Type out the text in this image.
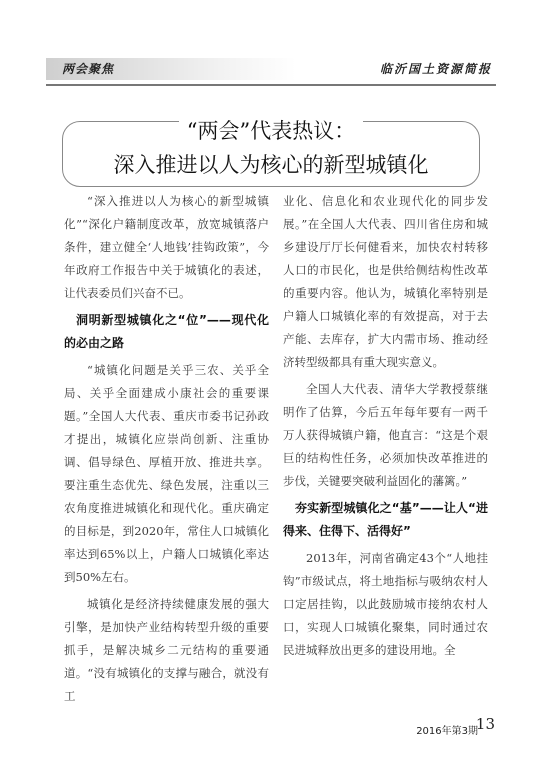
两会聚焦	临沂国土资源简报
“两会”代表热议：
深入推进以人为核心的新型城镇化

“深入推进以人为核心的新型城镇化”“深化户籍制度改革，放宽城镇落户条件，建立健全‘人地钱’挂钩政策”，今年政府工作报告中关于城镇化的表述，让代表委员们兴奋不已。

洞明新型城镇化之“位”——现代化的必由之路

“城镇化问题是关乎三农、关乎全局、关乎全面建成小康社会的重要课题。”全国人大代表、重庆市委书记孙政才提出，城镇化应崇尚创新、注重协调、倡导绿色、厚植开放、推进共享。要注重生态优先、绿色发展，注重以三农角度推进城镇化和现代化。重庆确定的目标是，到2020年，常住人口城镇化率达到65%以上，户籍人口城镇化率达到50%左右。

城镇化是经济持续健康发展的强大引擎，是加快产业结构转型升级的重要抓手，是解决城乡二元结构的重要通道。“没有城镇化的支撑与融合，就没有工

业化、信息化和农业现代化的同步发展。”在全国人大代表、四川省住房和城乡建设厅厅长何健看来，加快农村转移人口的市民化，也是供给侧结构性改革的重要内容。他认为，城镇化率特别是户籍人口城镇化率的有效提高，对于去产能、去库存，扩大内需市场、推动经济转型级都具有重大现实意义。

全国人大代表、清华大学教授蔡继明作了估算，今后五年每年要有一两千万人获得城镇户籍，他直言：“这是个艰巨的结构性任务，必须加快改革推进的步伐，关键要突破利益固化的藩篱。”

夯实新型城镇化之“基”——让人“进得来、住得下、活得好”

2013年，河南省确定43个“人地挂钩”市级试点，将土地指标与吸纳农村人口定居挂钩，以此鼓励城市接纳农村人口，实现人口城镇化聚集，同时通过农民进城释放出更多的建设用地。全

2016年第3期
13
